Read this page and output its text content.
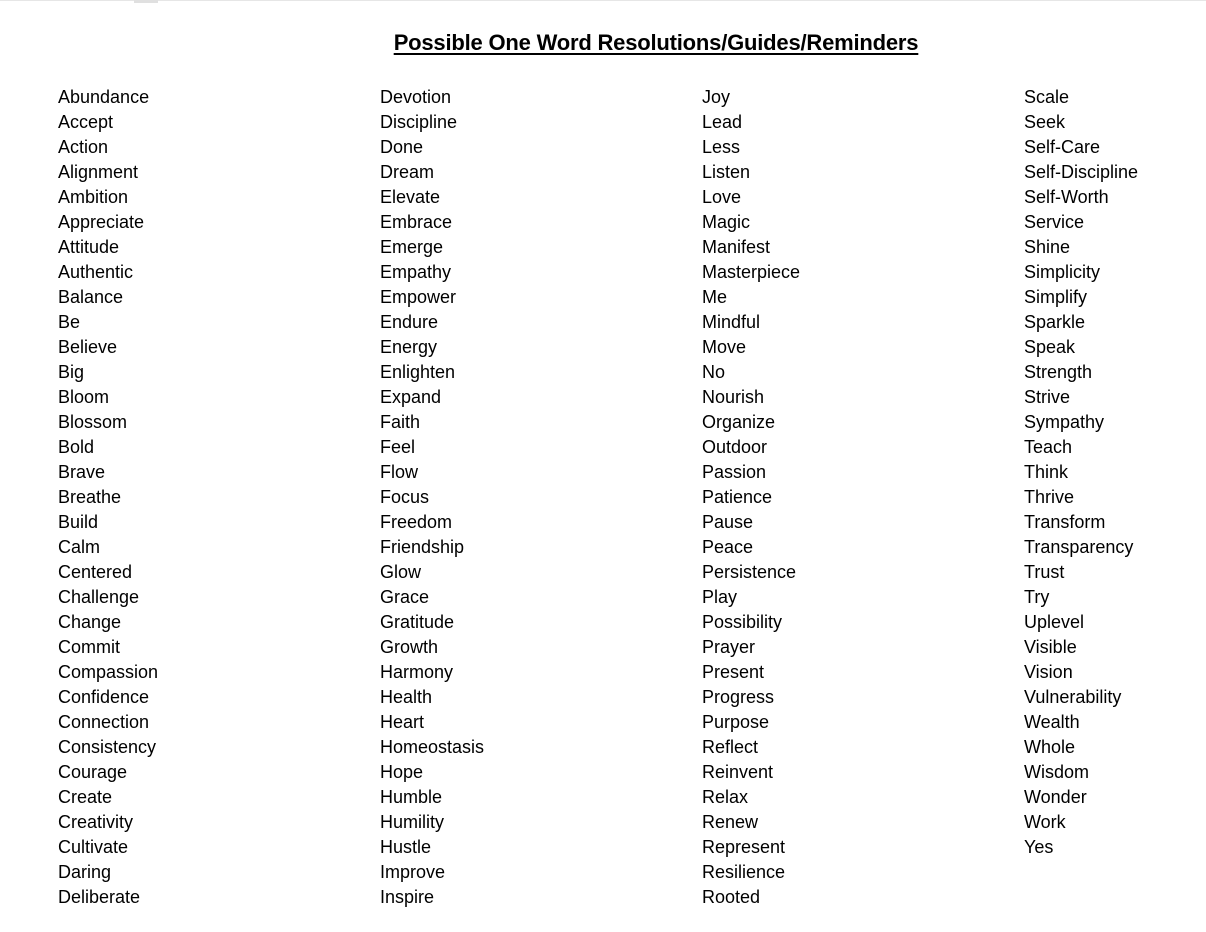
Possible One Word Resolutions/Guides/Reminders
Abundance
Accept
Action
Alignment
Ambition
Appreciate
Attitude
Authentic
Balance
Be
Believe
Big
Bloom
Blossom
Bold
Brave
Breathe
Build
Calm
Centered
Challenge
Change
Commit
Compassion
Confidence
Connection
Consistency
Courage
Create
Creativity
Cultivate
Daring
Deliberate
Devotion
Discipline
Done
Dream
Elevate
Embrace
Emerge
Empathy
Empower
Endure
Energy
Enlighten
Expand
Faith
Feel
Flow
Focus
Freedom
Friendship
Glow
Grace
Gratitude
Growth
Harmony
Health
Heart
Homeostasis
Hope
Humble
Humility
Hustle
Improve
Inspire
Joy
Lead
Less
Listen
Love
Magic
Manifest
Masterpiece
Me
Mindful
Move
No
Nourish
Organize
Outdoor
Passion
Patience
Pause
Peace
Persistence
Play
Possibility
Prayer
Present
Progress
Purpose
Reflect
Reinvent
Relax
Renew
Represent
Resilience
Rooted
Scale
Seek
Self-Care
Self-Discipline
Self-Worth
Service
Shine
Simplicity
Simplify
Sparkle
Speak
Strength
Strive
Sympathy
Teach
Think
Thrive
Transform
Transparency
Trust
Try
Uplevel
Visible
Vision
Vulnerability
Wealth
Whole
Wisdom
Wonder
Work
Yes
